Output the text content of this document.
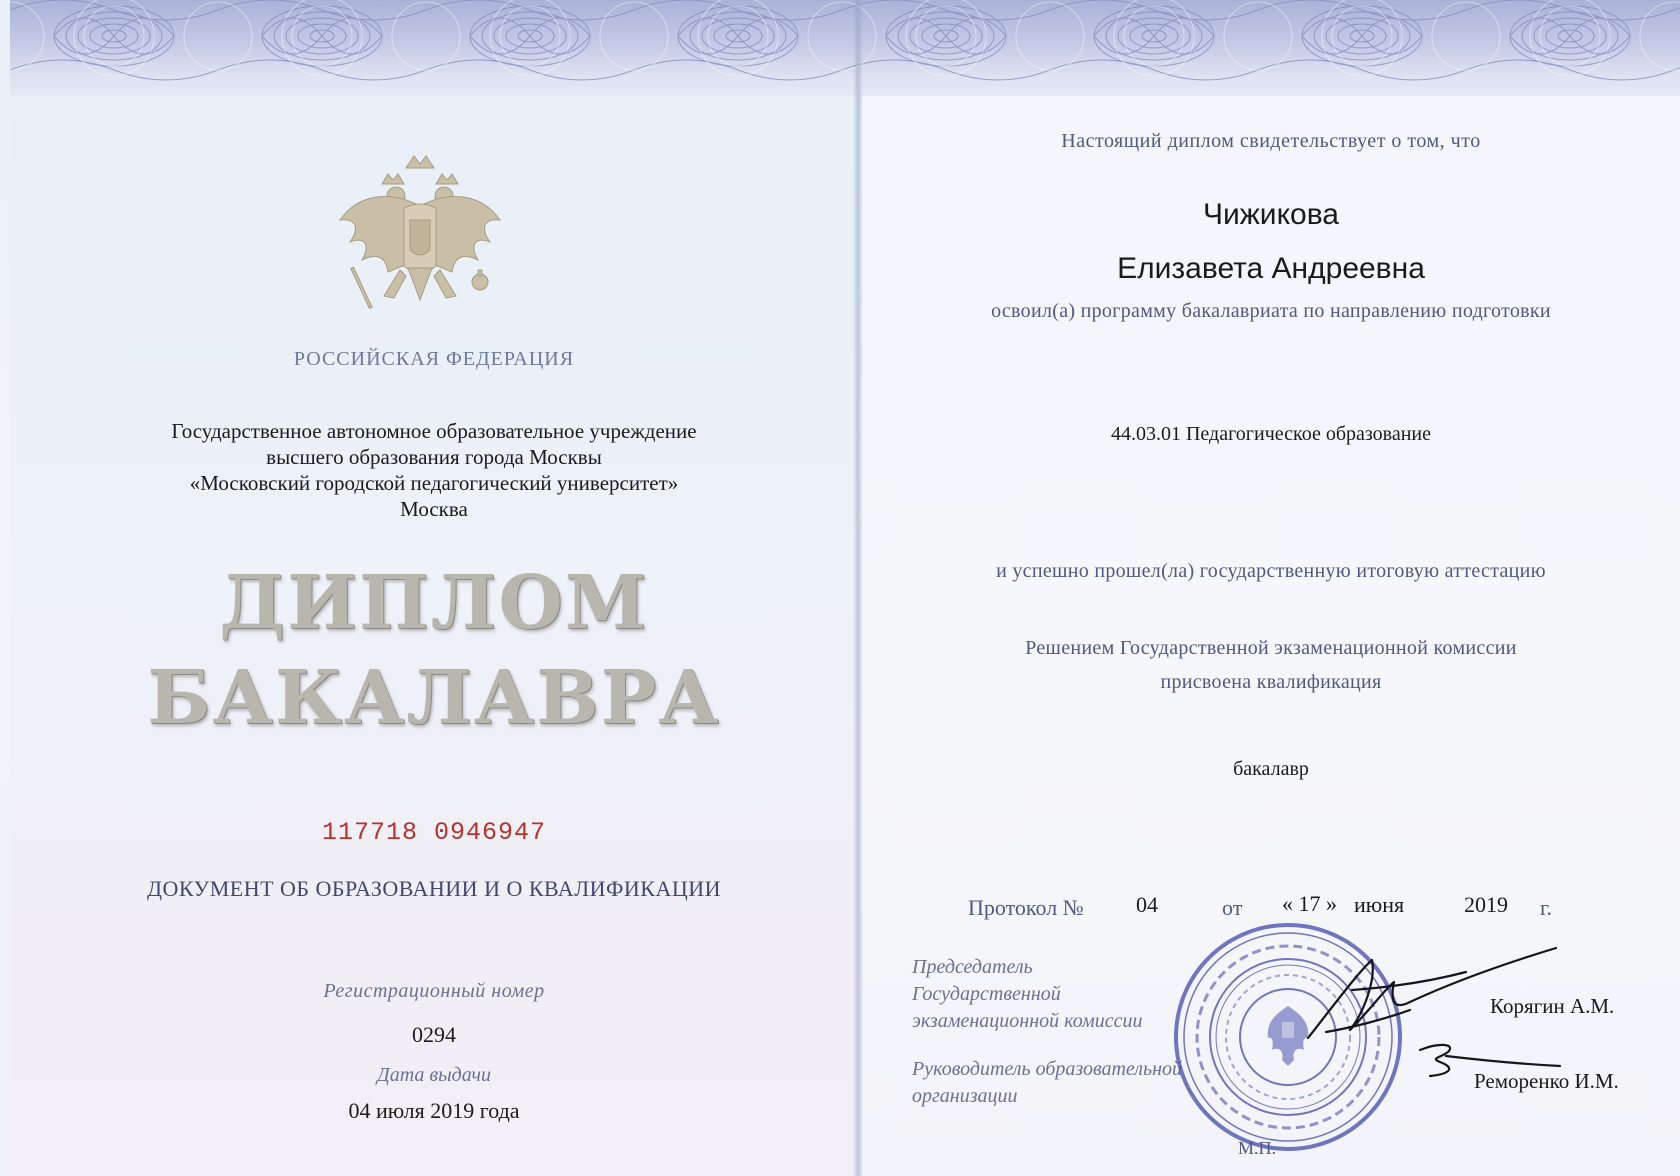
РОССИЙСКАЯ ФЕДЕРАЦИЯ
Государственное автономное образовательное учреждение
высшего образования города Москвы
«Московский городской педагогический университет»
Москва
ДИПЛОМ
БАКАЛАВРА
117718 0946947
ДОКУМЕНТ ОБ ОБРАЗОВАНИИ И О КВАЛИФИКАЦИИ
Регистрационный номер
0294
Дата выдачи
04 июля 2019 года
Настоящий диплом свидетельствует о том, что
Чижикова
Елизавета Андреевна
освоил(а) программу бакалавриата по направлению подготовки
44.03.01 Педагогическое образование
и успешно прошел(ла) государственную итоговую аттестацию
Решением Государственной экзаменационной комиссии
присвоена квалификация
бакалавр
Протокол № 04	от « 17 » июня	2019 г.
Председатель
Государственной
экзаменационной комиссии
Руководитель образовательной
организации
Корягин А.М.
Реморенко И.М.
М.П.
